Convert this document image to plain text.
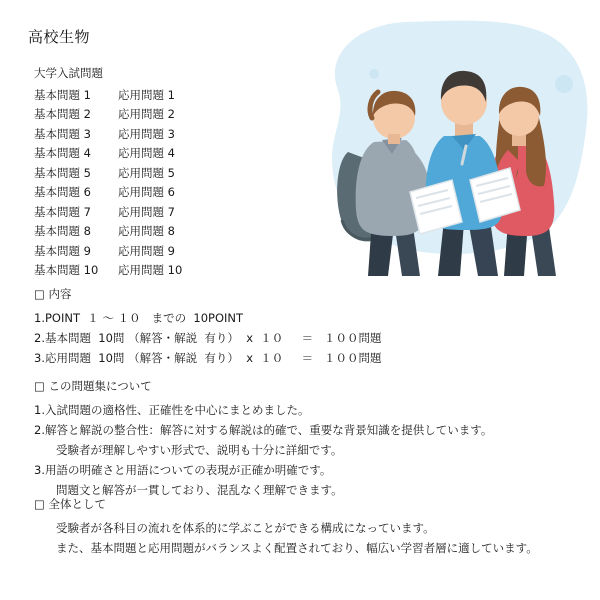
高校生物
大学入試問題
基本問題 1 応用問題 1
基本問題 2 応用問題 2
基本問題 3 応用問題 3
基本問題 4 応用問題 4
基本問題 5 応用問題 5
基本問題 6 応用問題 6
基本問題 7 応用問題 7
基本問題 8 応用問題 8
基本問題 9 応用問題 9
基本問題 10 応用問題 10
□ 内容
1.POINT  １ ～ １０   までの  10POINT
2.基本問題  10問 （解答・解説  有り）  x  １０     ＝   １００問題
3.応用問題  10問 （解答・解説  有り）  x  １０     ＝   １００問題
□ この問題集について
1.入試問題の適格性、正確性を中心にまとめました。
2.解答と解説の整合性：解答に対する解説は的確で、重要な背景知識を提供しています。
受験者が理解しやすい形式で、説明も十分に詳細です。
3.用語の明確さと用語についての表現が正確か明確です。
問題文と解答が一貫しており、混乱なく理解できます。
□ 全体として
受験者が各科目の流れを体系的に学ぶことができる構成になっています。
また、基本問題と応用問題がバランスよく配置されており、幅広い学習者層に適しています。
